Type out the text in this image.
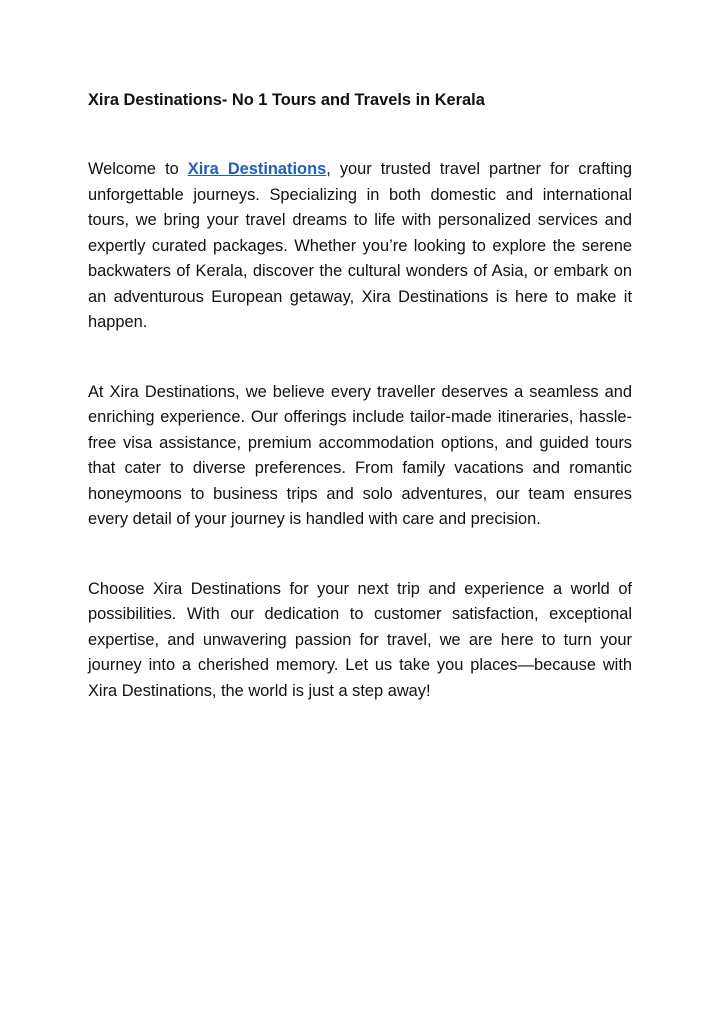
Xira Destinations- No 1 Tours and Travels in Kerala

Welcome to Xira Destinations, your trusted travel partner for crafting unforgettable journeys. Specializing in both domestic and international tours, we bring your travel dreams to life with personalized services and expertly curated packages. Whether you’re looking to explore the serene backwaters of Kerala, discover the cultural wonders of Asia, or embark on an adventurous European getaway, Xira Destinations is here to make it happen.

At Xira Destinations, we believe every traveller deserves a seamless and enriching experience. Our offerings include tailor-made itineraries, hassle-free visa assistance, premium accommodation options, and guided tours that cater to diverse preferences. From family vacations and romantic honeymoons to business trips and solo adventures, our team ensures every detail of your journey is handled with care and precision.

Choose Xira Destinations for your next trip and experience a world of possibilities. With our dedication to customer satisfaction, exceptional expertise, and unwavering passion for travel, we are here to turn your journey into a cherished memory. Let us take you places—because with Xira Destinations, the world is just a step away!
